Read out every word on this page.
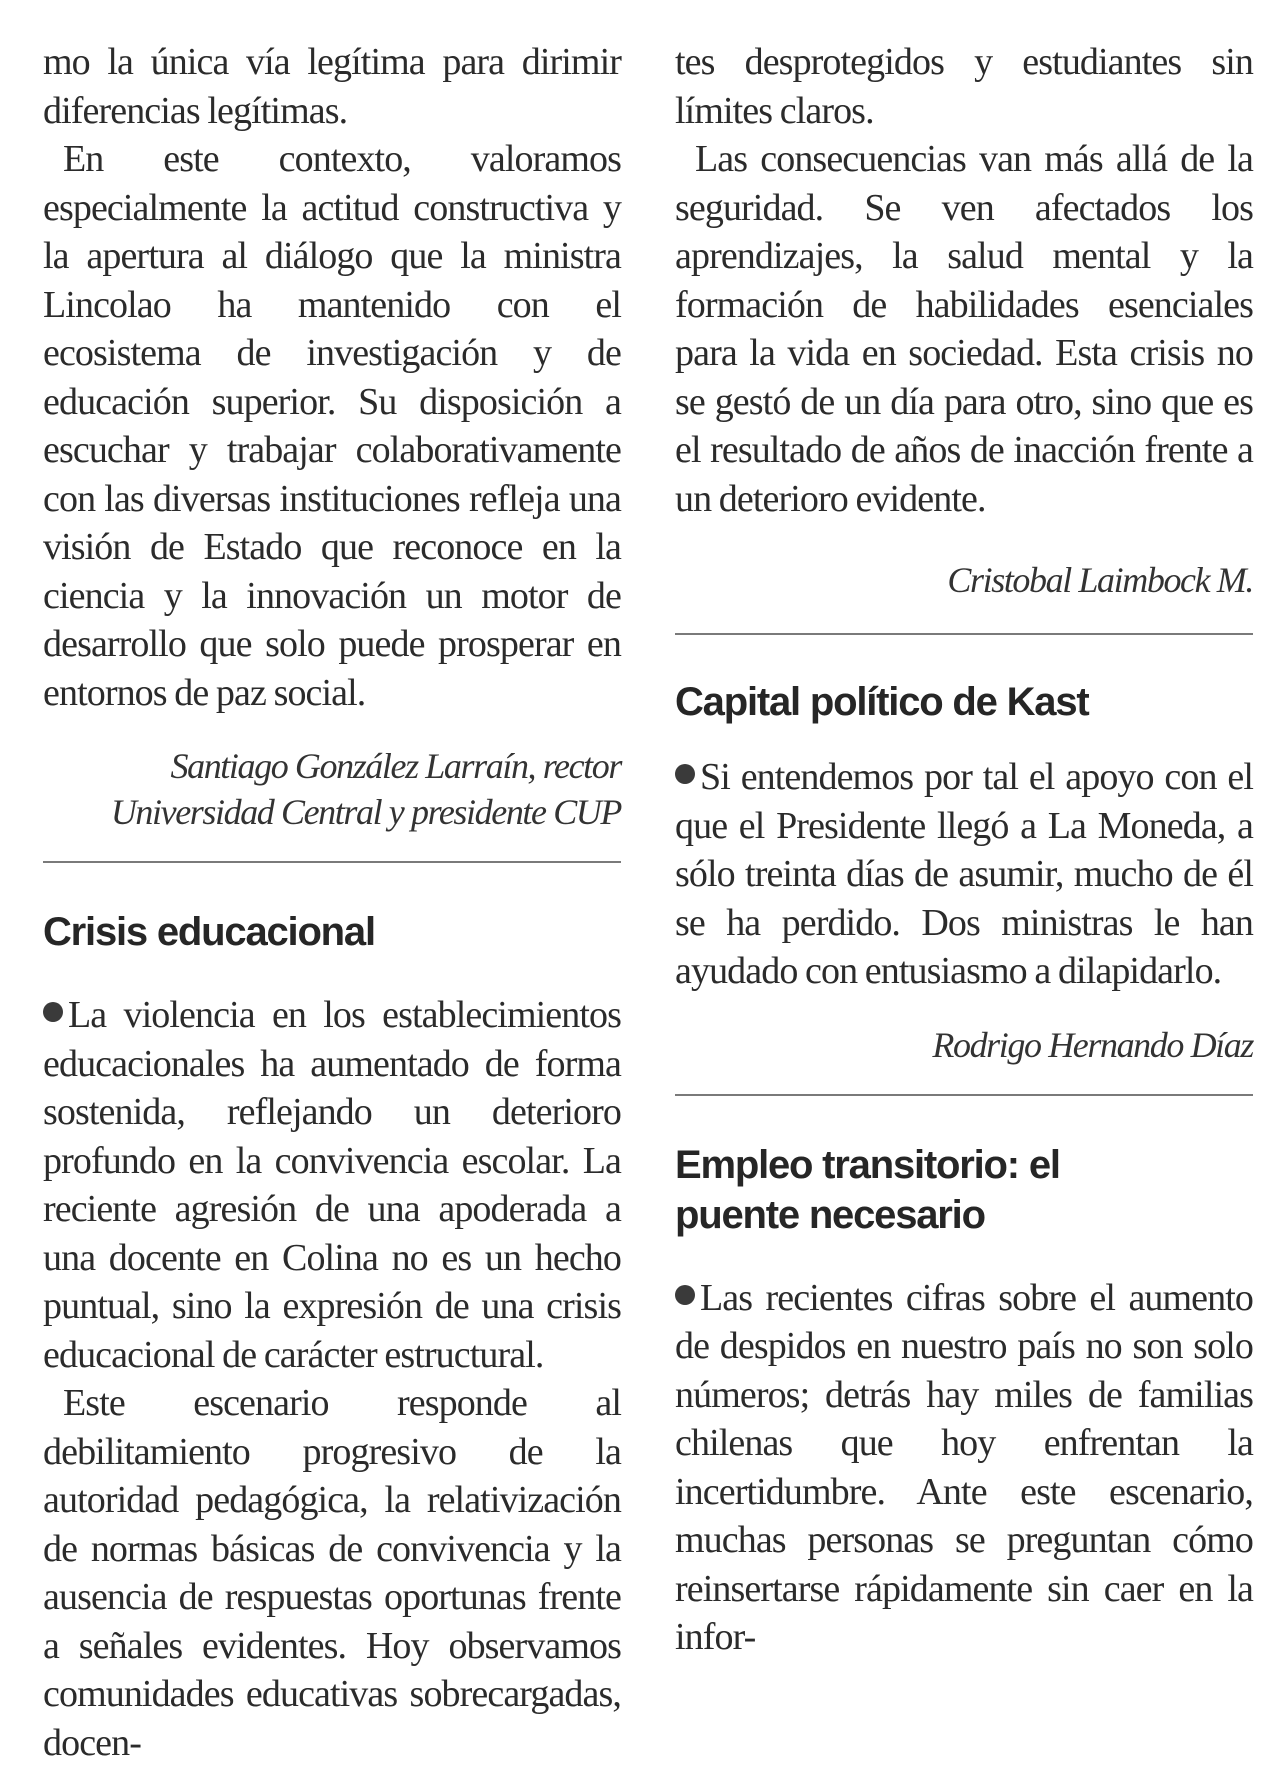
mo la única vía legítima para dirimir diferencias legítimas.

En este contexto, valoramos especialmente la actitud constructiva y la apertura al diálogo que la ministra Lincolao ha mantenido con el ecosistema de investigación y de educación superior. Su disposición a escuchar y trabajar colaborativamente con las diversas instituciones refleja una visión de Estado que reconoce en la ciencia y la innovación un motor de desarrollo que solo puede prosperar en entornos de paz social.

Santiago González Larraín, rector

Universidad Central y presidente CUP

Crisis educacional

La violencia en los establecimientos educacionales ha aumentado de forma sostenida, reflejando un deterioro profundo en la convivencia escolar. La reciente agresión de una apoderada a una docente en Colina no es un hecho puntual, sino la expresión de una crisis educacional de carácter estructural.

Este escenario responde al debilitamiento progresivo de la autoridad pedagógica, la relativización de normas básicas de convivencia y la ausencia de respuestas oportunas frente a señales evidentes. Hoy observamos comunidades educativas sobrecargadas, docen-

tes desprotegidos y estudiantes sin límites claros.

Las consecuencias van más allá de la seguridad. Se ven afectados los aprendizajes, la salud mental y la formación de habilidades esenciales para la vida en sociedad. Esta crisis no se gestó de un día para otro, sino que es el resultado de años de inacción frente a un deterioro evidente.

Cristobal Laimbock M.

Capital político de Kast

Si entendemos por tal el apoyo con el que el Presidente llegó a La Moneda, a sólo treinta días de asumir, mucho de él se ha perdido. Dos ministras le han ayudado con entusiasmo a dilapidarlo.

Rodrigo Hernando Díaz

Empleo transitorio: el
puente necesario

Las recientes cifras sobre el aumento de despidos en nuestro país no son solo números; detrás hay miles de familias chilenas que hoy enfrentan la incertidumbre. Ante este escenario, muchas personas se preguntan cómo reinsertarse rápidamente sin caer en la infor-
